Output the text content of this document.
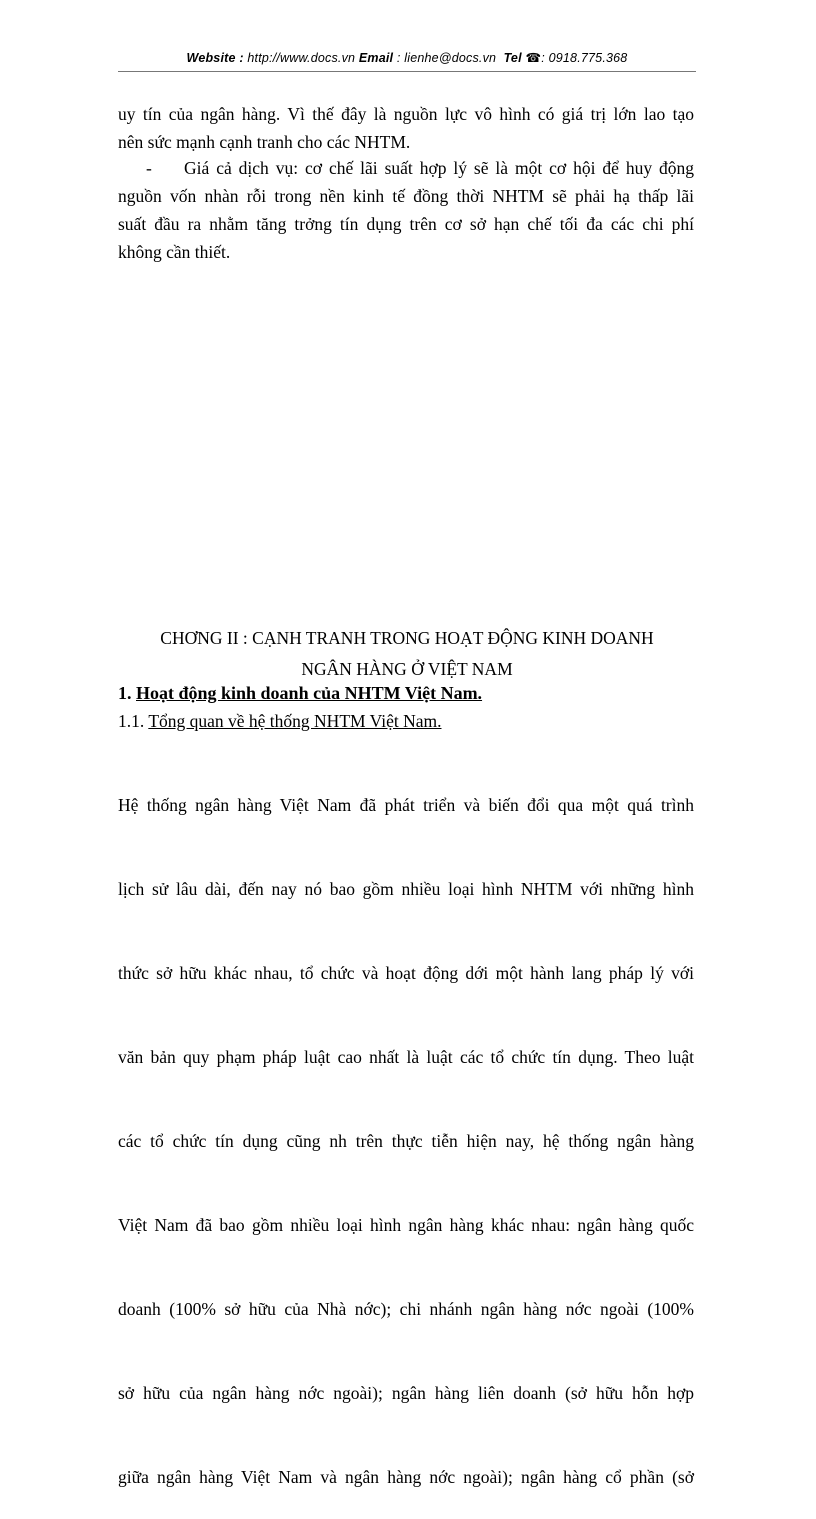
Website : http://www.docs.vn Email : lienhe@docs.vn Tel ☎: 0918.775.368
uy tín của ngân hàng. Vì thế đây là nguồn lực vô hình có giá trị lớn lao tạo
nên sức mạnh cạnh tranh cho các NHTM.
- Giá cả dịch vụ: cơ chế lãi suất hợp lý sẽ là một cơ hội để huy động
nguồn vốn nhàn rỗi trong nền kinh tế đồng thời NHTM sẽ phải hạ thấp lãi
suất đầu ra nhằm tăng trởng tín dụng trên cơ sở hạn chế tối đa các chi phí
không cần thiết.
CHƠNG II : CẠNH TRANH TRONG HOẠT ĐỘNG KINH DOANH
NGÂN HÀNG Ở VIỆT NAM
1. Hoạt động kinh doanh của NHTM Việt Nam.
1.1. Tổng quan về hệ thống NHTM Việt Nam.

Hệ thống ngân hàng Việt Nam đã phát triển và biến đổi qua một quá trình

lịch sử lâu dài, đến nay nó bao gồm nhiều loại hình NHTM với những hình

thức sở hữu khác nhau, tổ chức và hoạt động dới một hành lang pháp lý với

văn bản quy phạm pháp luật cao nhất là luật các tổ chức tín dụng. Theo luật

các tổ chức tín dụng cũng nh trên thực tiễn hiện nay, hệ thống ngân hàng

Việt Nam đã bao gồm nhiều loại hình ngân hàng khác nhau: ngân hàng quốc

doanh (100% sở hữu của Nhà nớc); chi nhánh ngân hàng nớc ngoài (100%

sở hữu của ngân hàng nớc ngoài); ngân hàng liên doanh (sở hữu hỗn hợp

giữa ngân hàng Việt Nam và ngân hàng nớc ngoài); ngân hàng cổ phần (sở
